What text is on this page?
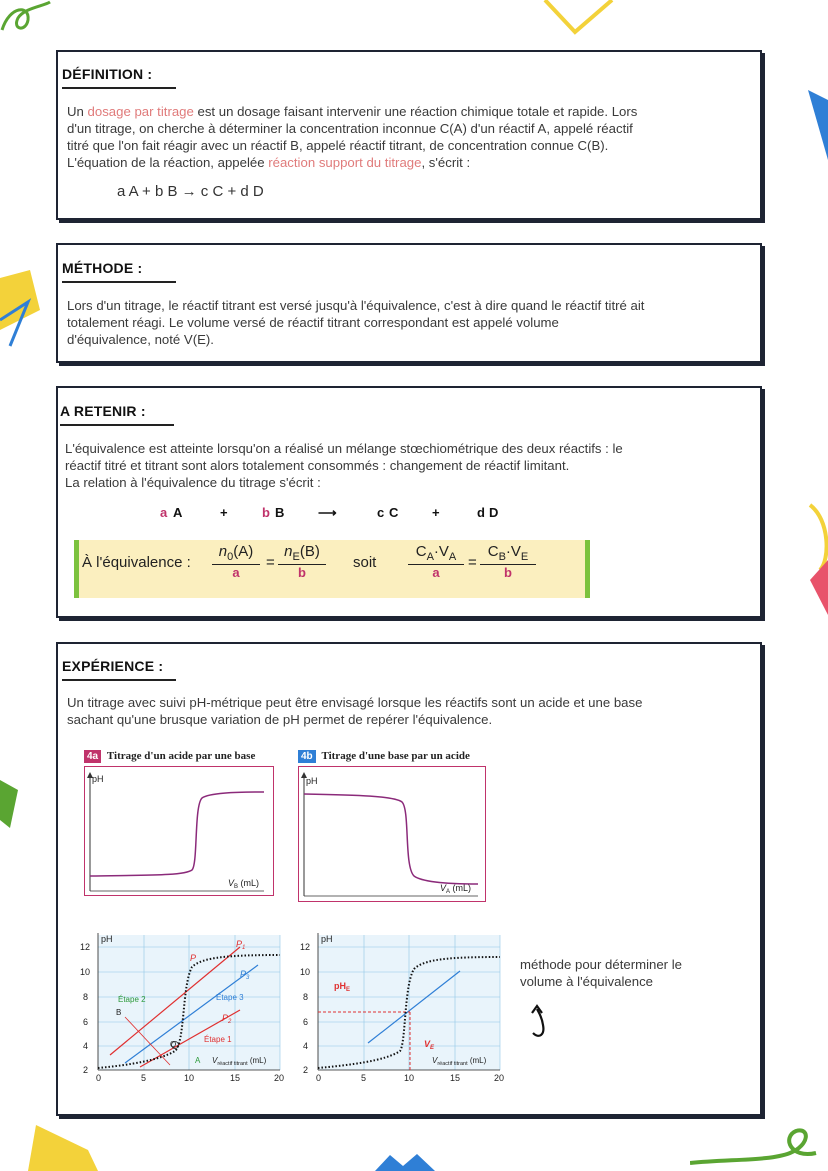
DÉFINITION :
Un dosage par titrage est un dosage faisant intervenir une réaction chimique totale et rapide. Lors
d'un titrage, on cherche à déterminer la concentration inconnue C(A) d'un réactif A, appelé réactif
titré que l'on fait réagir avec un réactif B, appelé réactif titrant, de concentration connue C(B).
L'équation de la réaction, appelée réaction support du titrage, s'écrit :
a A + b B → c C + d D
MÉTHODE :
Lors d'un titrage, le réactif titrant est versé jusqu'à l'équivalence, c'est à dire quand le réactif titré ait
totalement réagi. Le volume versé de réactif titrant correspondant est appelé volume
d'équivalence, noté V(E).
A RETENIR :
L'équivalence est atteinte lorsqu'on a réalisé un mélange stœchiométrique des deux réactifs : le
réactif titré et titrant sont alors totalement consommés : changement de réactif limitant.
La relation à l'équivalence du titrage s'écrit :
a A	+	b B	⟶	c C	+	d D
À l'équivalence :
$n_0(A)$
a
=
$n_E(B)$
b
soit
$C_A\cdot V_A$
a
=
$C_B\cdot V_E$
b
EXPÉRIENCE :
Un titrage avec suivi pH-métrique peut être envisagé lorsque les réactifs sont un acide et une base
sachant qu'une brusque variation de pH permet de repérer l'équivalence.
4a Titrage d'un acide par une base
pH
$V_B$ (mL)
4b Titrage d'une base par un acide
pH
$V_A$ (mL)
pH
2
4
6
8
10
12
0	5	10	15	20
$P_1$
P
$P_3$
Étape 3
$P_2$
Étape 1
Étape 2
B
Q
A $V_{réactif titrant}$ (mL)
pH
2
4
6
8
10
12
0	5	10	15	20
$pH_E$
$V_E$
$V_{réactif titrant}$ (mL)
méthode pour déterminer le
volume à l'équivalence
